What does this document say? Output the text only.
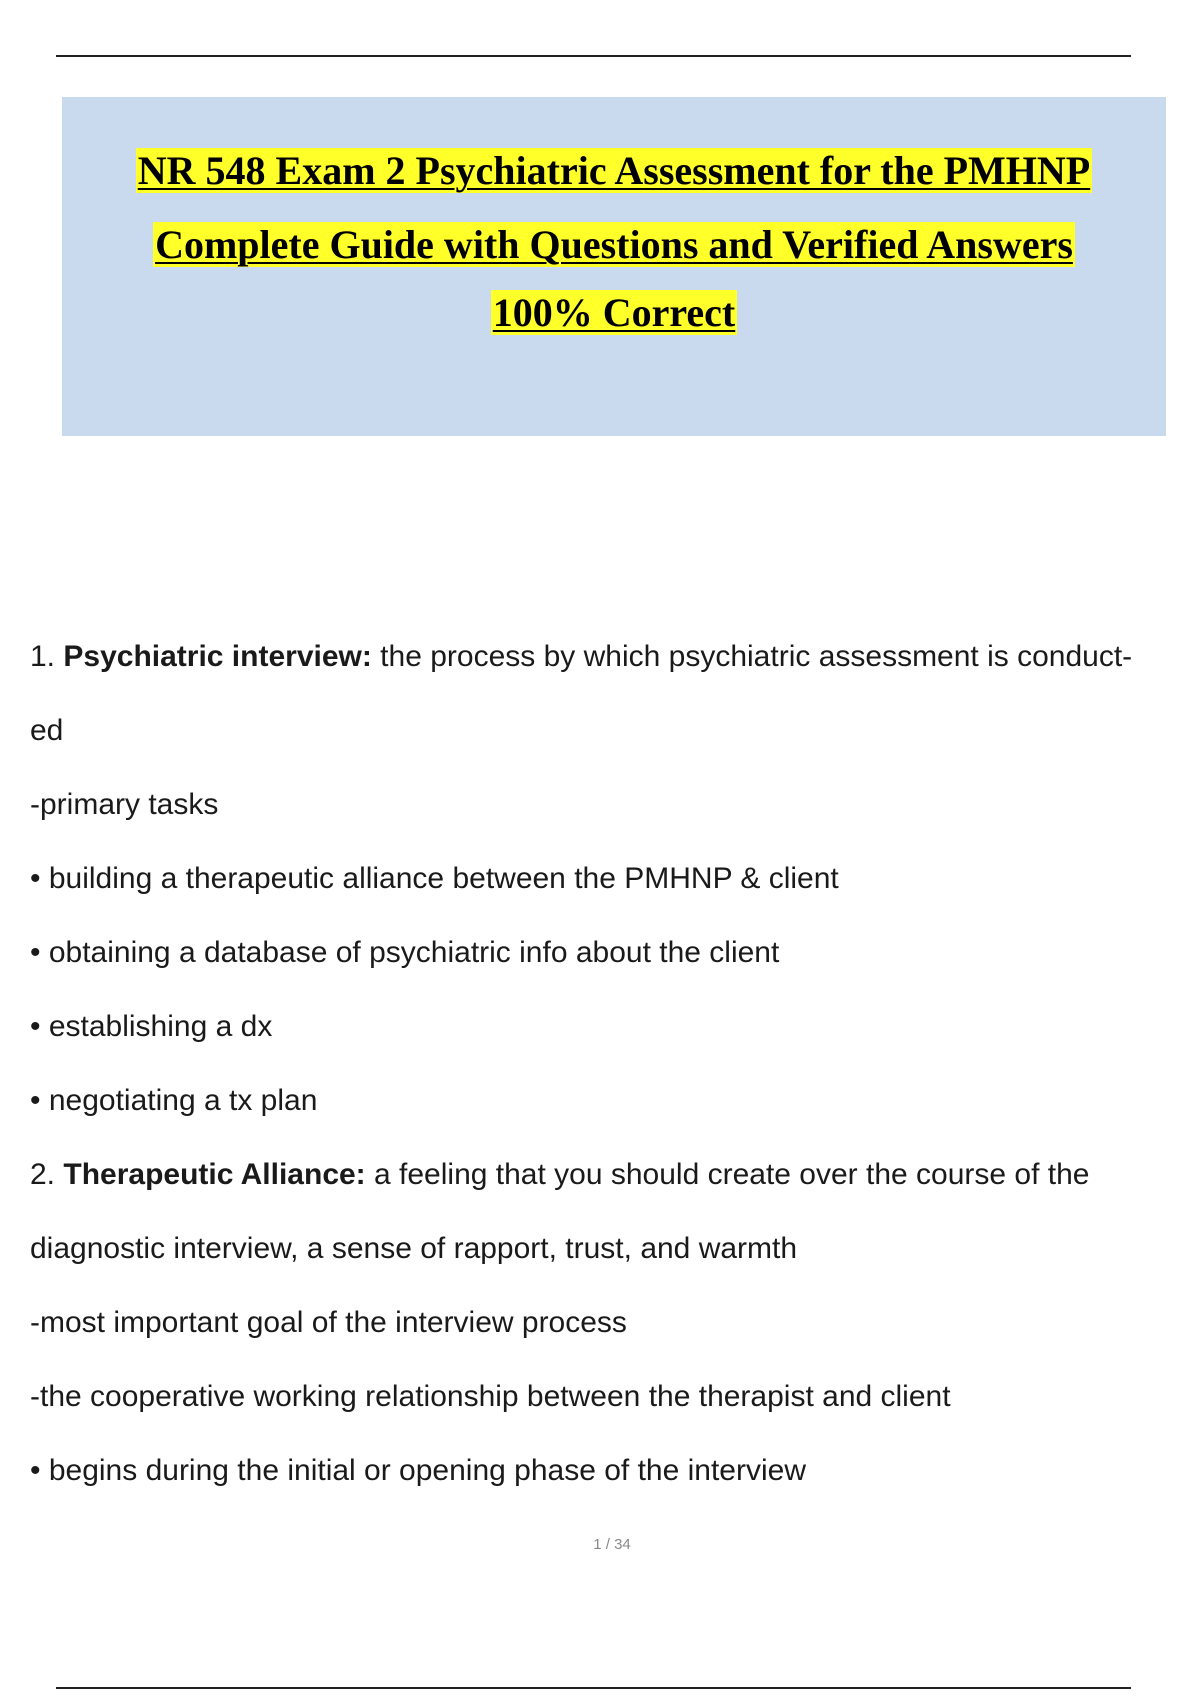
NR 548 Exam 2 Psychiatric Assessment for the PMHNP
Complete Guide with Questions and Verified Answers
100% Correct
1. Psychiatric interview: the process by which psychiatric assessment is conduct-
ed
-primary tasks
• building a therapeutic alliance between the PMHNP & client
• obtaining a database of psychiatric info about the client
• establishing a dx
• negotiating a tx plan
2. Therapeutic Alliance: a feeling that you should create over the course of the
diagnostic interview, a sense of rapport, trust, and warmth
-most important goal of the interview process
-the cooperative working relationship between the therapist and client
• begins during the initial or opening phase of the interview
1 / 34
